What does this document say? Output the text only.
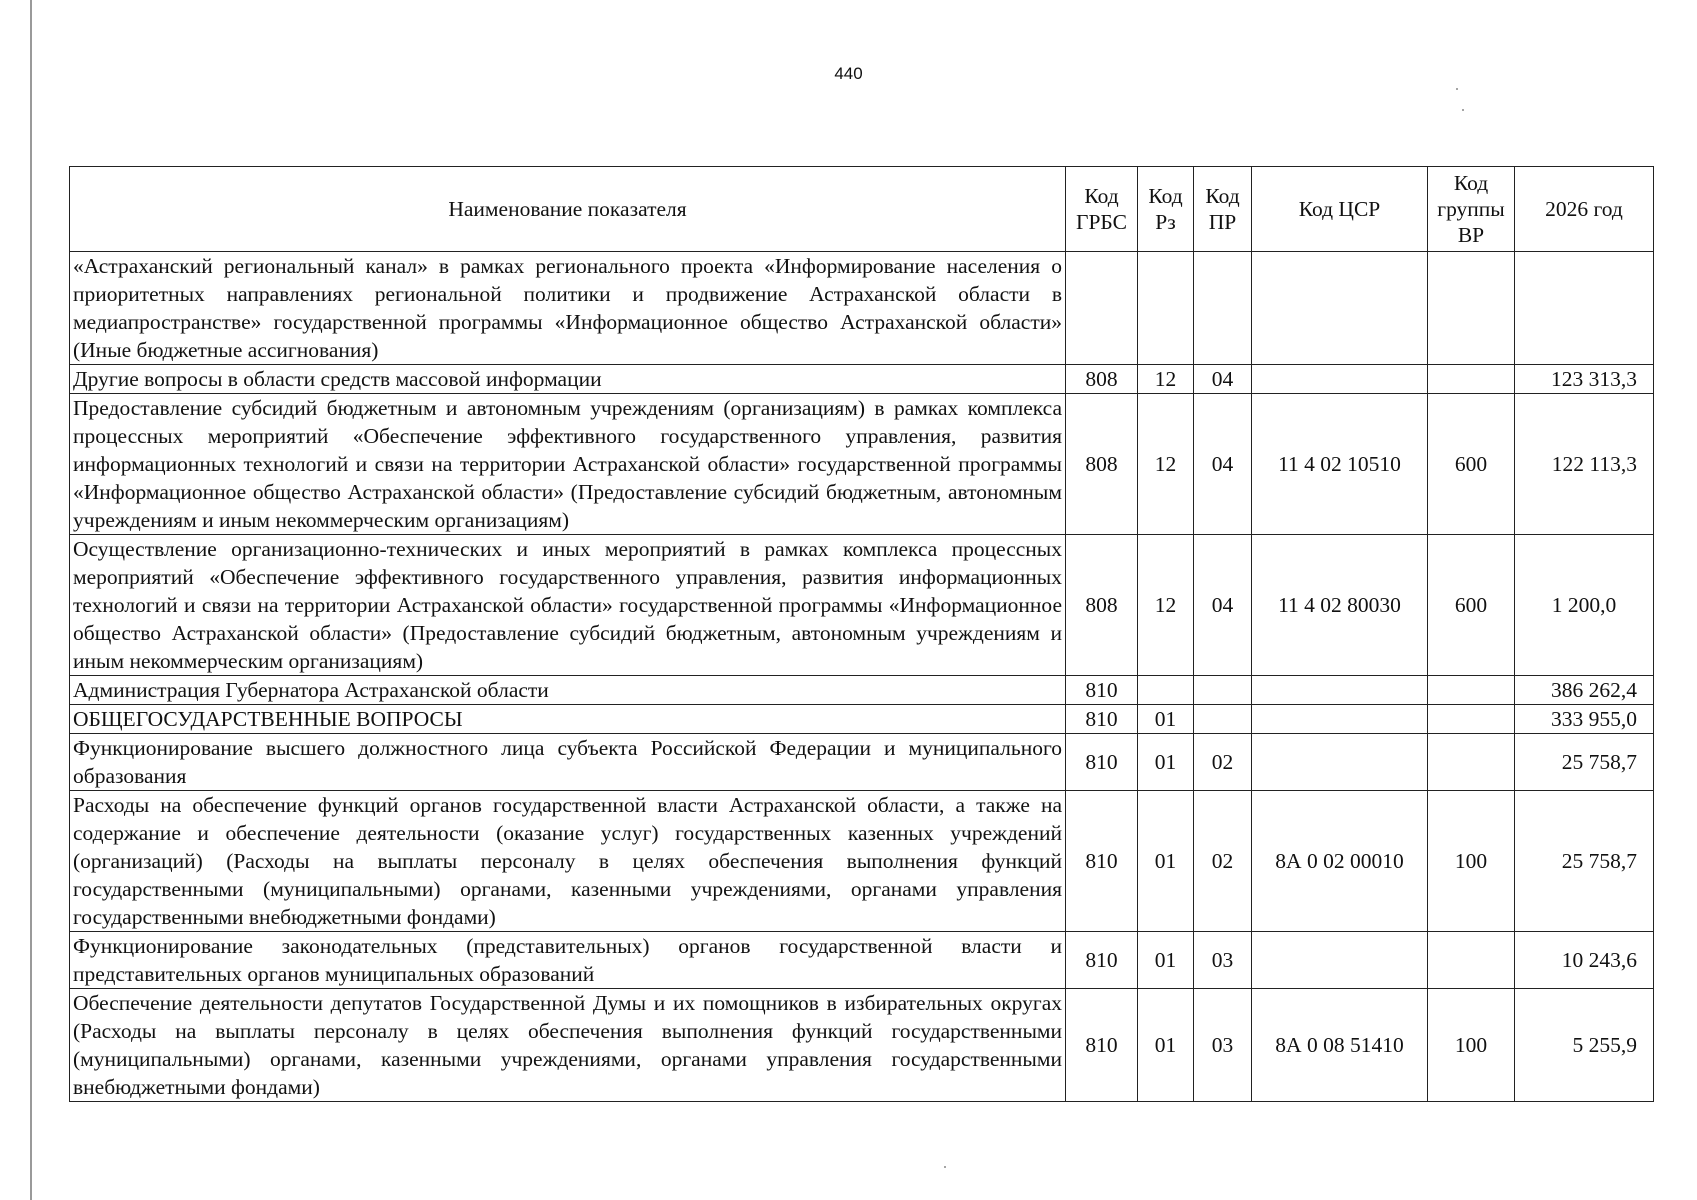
440
Наименование показателя	Код ГРБС	Код Рз	Код ПР	Код ЦСР	Код группы ВР	2026 год
«Астраханский региональный канал» в рамках регионального проекта «Информирование населения о приоритетных направлениях региональной политики и продвижение Астраханской области в медиапространстве» государственной программы «Информационное общество Астраханской области» (Иные бюджетные ассигнования)						
Другие вопросы в области средств массовой информации	808	12	04			123 313,3
Предоставление субсидий бюджетным и автономным учреждениям (организациям) в рамках комплекса процессных мероприятий «Обеспечение эффективного государственного управления, развития информационных технологий и связи на территории Астраханской области» государственной программы «Информационное общество Астраханской области» (Предоставление субсидий бюджетным, автономным учреждениям и иным некоммерческим организациям)	808	12	04	11 4 02 10510	600	122 113,3
Осуществление организационно-технических и иных мероприятий в рамках комплекса процессных мероприятий «Обеспечение эффективного государственного управления, развития информационных технологий и связи на территории Астраханской области» государственной программы «Информационное общество Астраханской области» (Предоставление субсидий бюджетным, автономным учреждениям и иным некоммерческим организациям)	808	12	04	11 4 02 80030	600	1 200,0
Администрация Губернатора Астраханской области	810					386 262,4
ОБЩЕГОСУДАРСТВЕННЫЕ ВОПРОСЫ	810	01				333 955,0
Функционирование высшего должностного лица субъекта Российской Федерации и муниципального образования	810	01	02			25 758,7
Расходы на обеспечение функций органов государственной власти Астраханской области, а также на содержание и обеспечение деятельности (оказание услуг) государственных казенных учреждений (организаций) (Расходы на выплаты персоналу в целях обеспечения выполнения функций государственными (муниципальными) органами, казенными учреждениями, органами управления государственными внебюджетными фондами)	810	01	02	8А 0 02 00010	100	25 758,7
Функционирование законодательных (представительных) органов государственной власти и представительных органов муниципальных образований	810	01	03			10 243,6
Обеспечение деятельности депутатов Государственной Думы и их помощников в избирательных округах (Расходы на выплаты персоналу в целях обеспечения выполнения функций государственными (муниципальными) органами, казенными учреждениями, органами управления государственными внебюджетными фондами)	810	01	03	8А 0 08 51410	100	5 255,9
